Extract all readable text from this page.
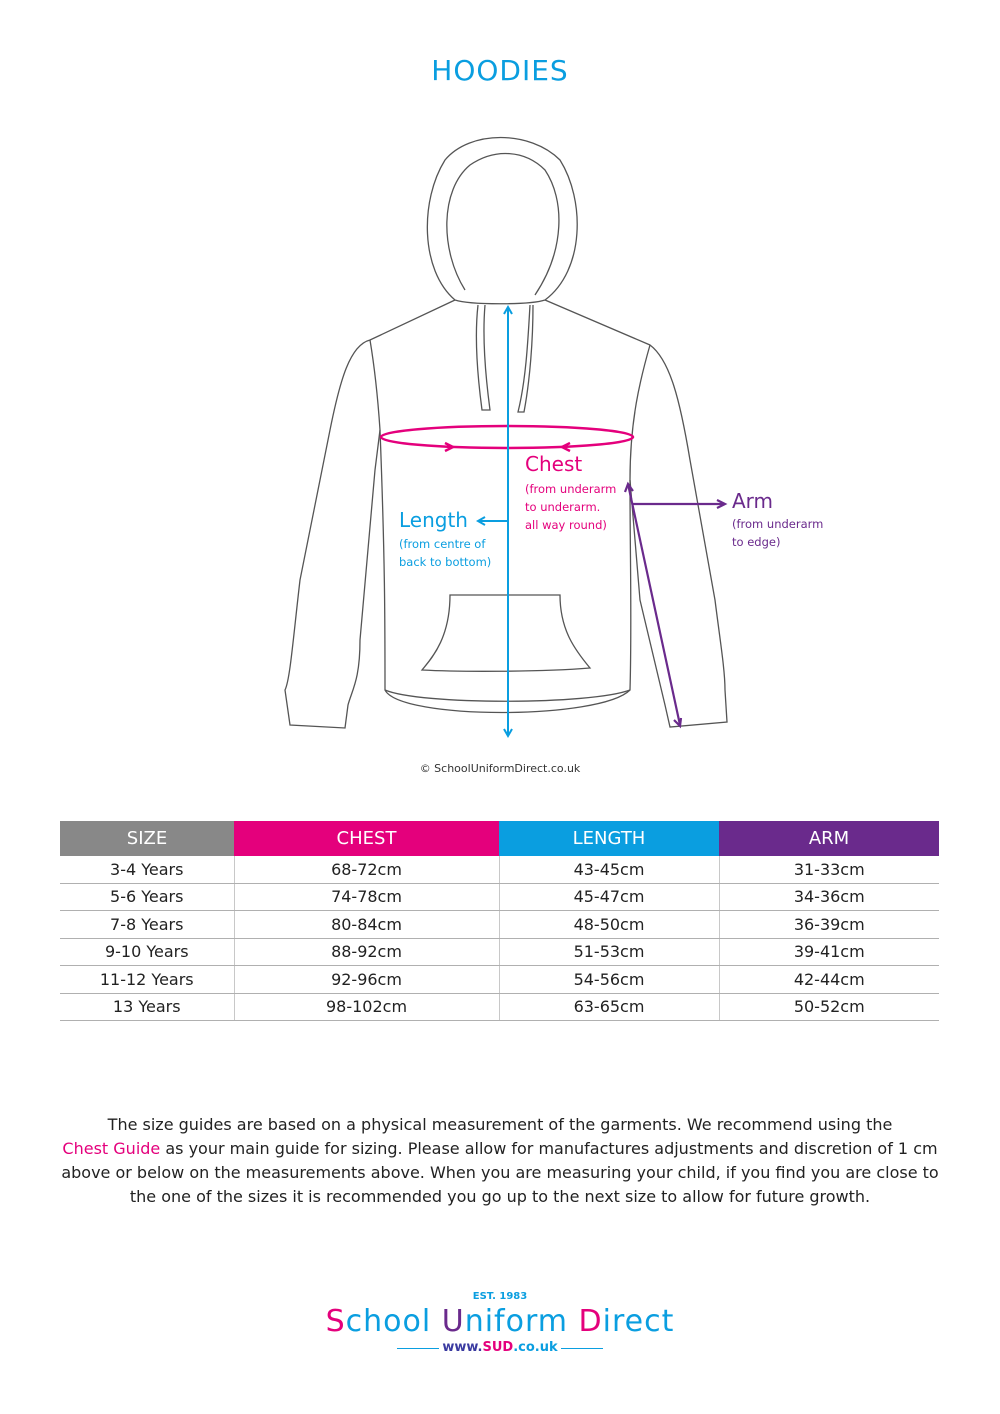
HOODIES
Chest
(from underarm
to underarm.
all way round)
Length
(from centre of
back to bottom)
Arm
(from underarm
to edge)
© SchoolUniformDirect.co.uk
SIZE	CHEST	LENGTH	ARM
3-4 Years	68-72cm	43-45cm	31-33cm
5-6 Years	74-78cm	45-47cm	34-36cm
7-8 Years	80-84cm	48-50cm	36-39cm
9-10 Years	88-92cm	51-53cm	39-41cm
11-12 Years	92-96cm	54-56cm	42-44cm
13 Years	98-102cm	63-65cm	50-52cm
The size guides are based on a physical measurement of the garments. We recommend using the
Chest Guide as your main guide for sizing. Please allow for manufactures adjustments and discretion of 1 cm above or below on the measurements above. When you are measuring your child, if you find you are close to the one of the sizes it is recommended you go up to the next size to allow for future growth.
EST. 1983
School Uniform Direct
www. SUD .co.uk
